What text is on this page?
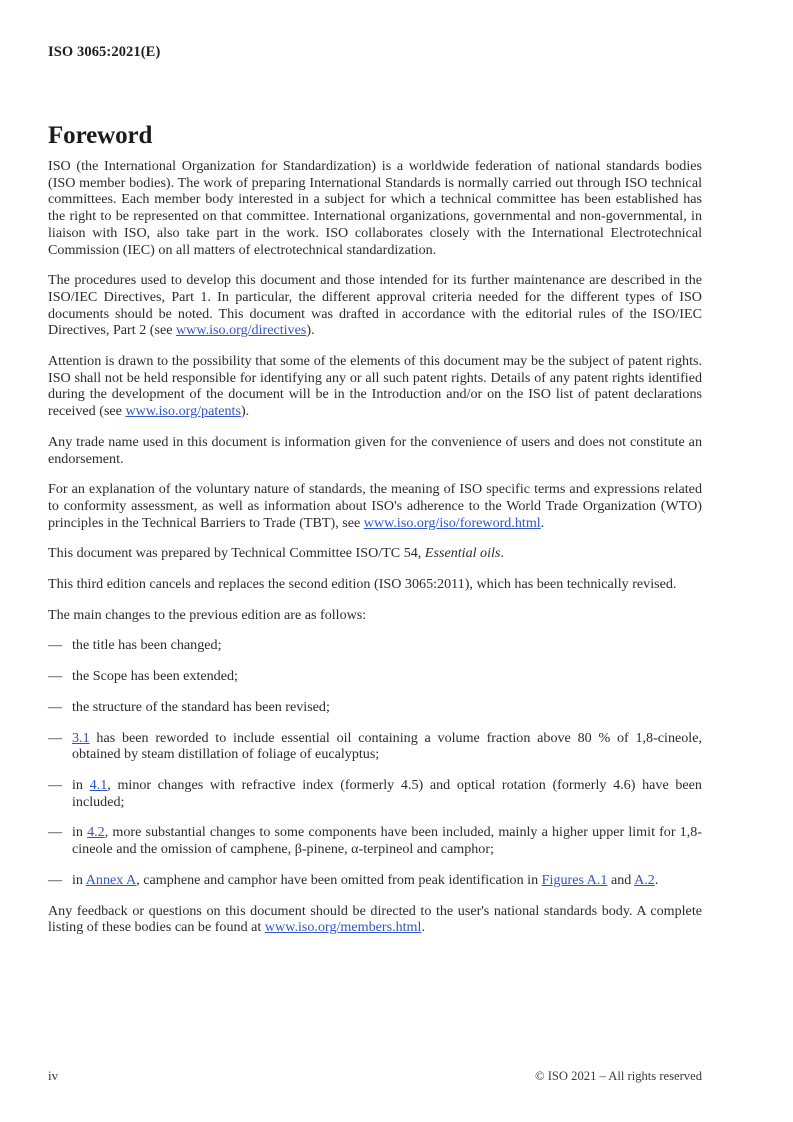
ISO 3065:2021(E)
Foreword

ISO (the International Organization for Standardization) is a worldwide federation of national standards bodies (ISO member bodies). The work of preparing International Standards is normally carried out through ISO technical committees. Each member body interested in a subject for which a technical committee has been established has the right to be represented on that committee. International organizations, governmental and non-governmental, in liaison with ISO, also take part in the work. ISO collaborates closely with the International Electrotechnical Commission (IEC) on all matters of electrotechnical standardization.

The procedures used to develop this document and those intended for its further maintenance are described in the ISO/IEC Directives, Part 1. In particular, the different approval criteria needed for the different types of ISO documents should be noted. This document was drafted in accordance with the editorial rules of the ISO/IEC Directives, Part 2 (see www.iso.org/directives).

Attention is drawn to the possibility that some of the elements of this document may be the subject of patent rights. ISO shall not be held responsible for identifying any or all such patent rights. Details of any patent rights identified during the development of the document will be in the Introduction and/or on the ISO list of patent declarations received (see www.iso.org/patents).

Any trade name used in this document is information given for the convenience of users and does not constitute an endorsement.

For an explanation of the voluntary nature of standards, the meaning of ISO specific terms and expressions related to conformity assessment, as well as information about ISO's adherence to the World Trade Organization (WTO) principles in the Technical Barriers to Trade (TBT), see www.iso.org/iso/foreword.html.

This document was prepared by Technical Committee ISO/TC 54, Essential oils.

This third edition cancels and replaces the second edition (ISO 3065:2011), which has been technically revised.

The main changes to the previous edition are as follows:

— the title has been changed;
— the Scope has been extended;
— the structure of the standard has been revised;
— 3.1 has been reworded to include essential oil containing a volume fraction above 80 % of 1,8-cineole, obtained by steam distillation of foliage of eucalyptus;
— in 4.1, minor changes with refractive index (formerly 4.5) and optical rotation (formerly 4.6) have been included;
— in 4.2, more substantial changes to some components have been included, mainly a higher upper limit for 1,8-cineole and the omission of camphene, β-pinene, α-terpineol and camphor;
— in Annex A, camphene and camphor have been omitted from peak identification in Figures A.1 and A.2.

Any feedback or questions on this document should be directed to the user's national standards body. A complete listing of these bodies can be found at www.iso.org/members.html.

iv	© ISO 2021 – All rights reserved
